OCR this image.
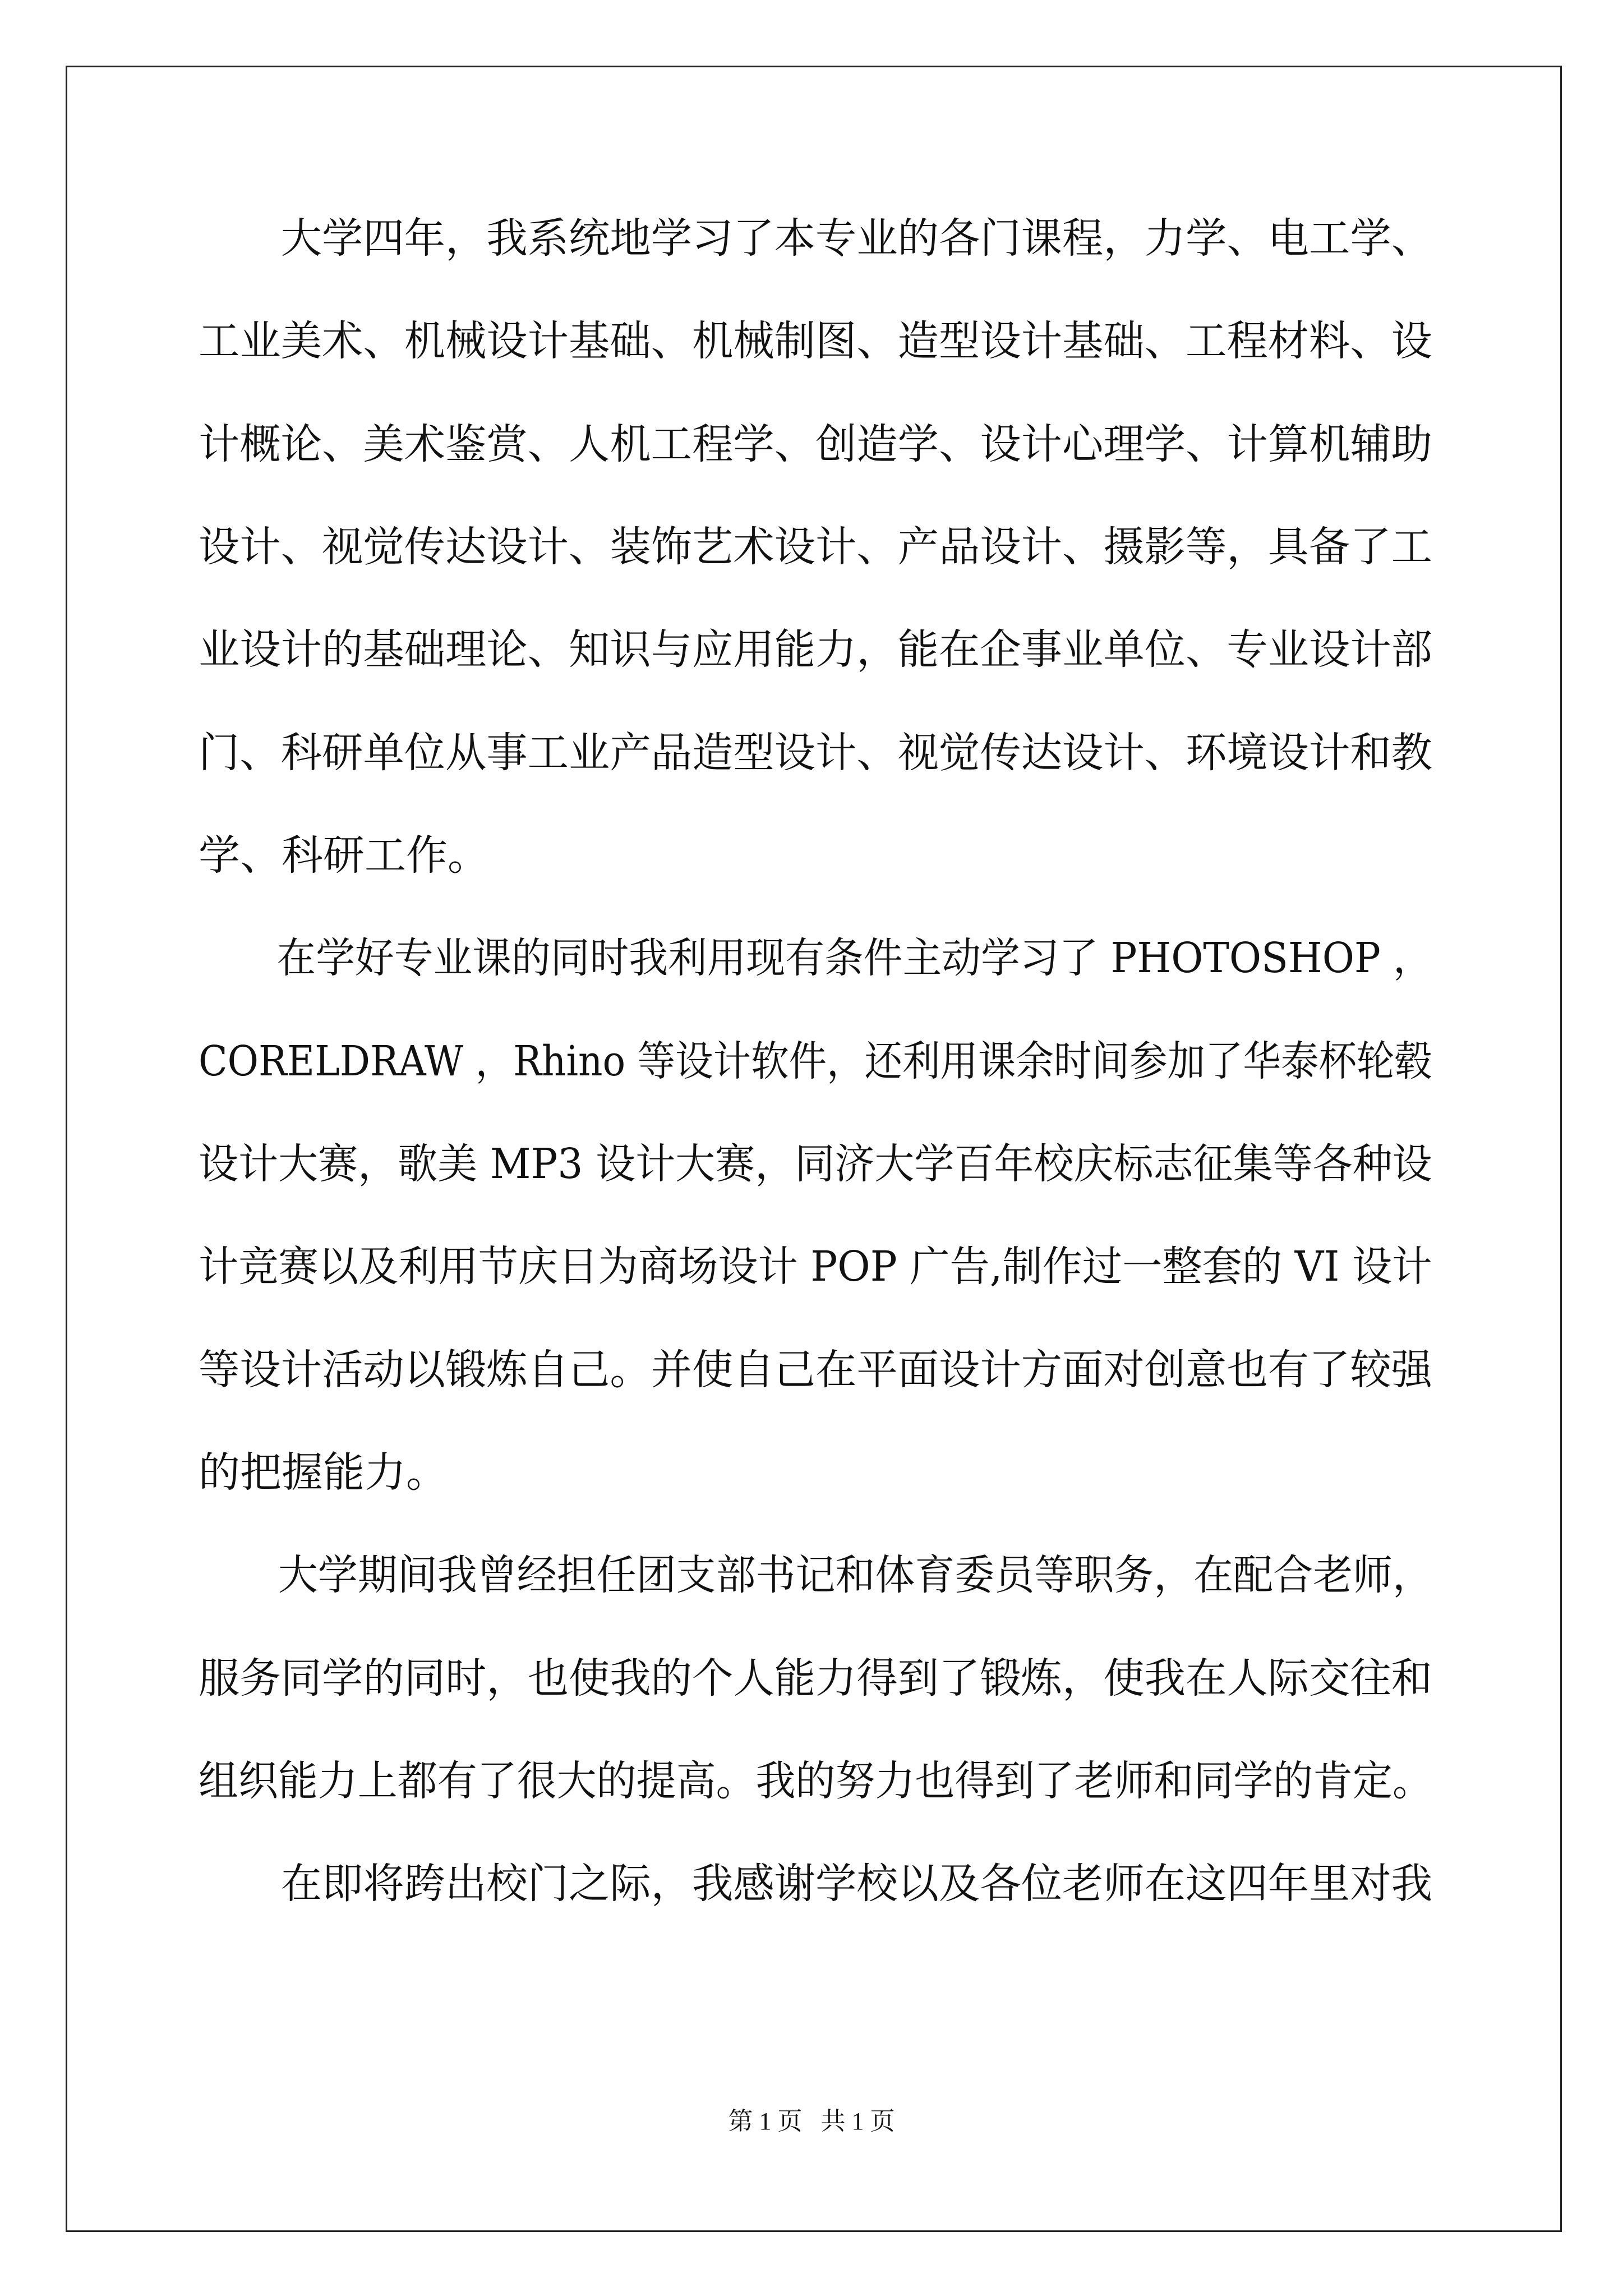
　　大学四年，我系统地学习了本专业的各门课程，力学、电工学、
工业美术、机械设计基础、机械制图、造型设计基础、工程材料、设
计概论、美术鉴赏、人机工程学、创造学、设计心理学、计算机辅助
设计、视觉传达设计、装饰艺术设计、产品设计、摄影等，具备了工
业设计的基础理论、知识与应用能力，能在企事业单位、专业设计部
门、科研单位从事工业产品造型设计、视觉传达设计、环境设计和教
学、科研工作。
　　在学好专业课的同时我利用现有条件主动学习了 PHOTOSHOP ，
CORELDRAW ，Rhino 等设计软件，还利用课余时间参加了华泰杯轮毂
设计大赛，歌美 MP3 设计大赛，同济大学百年校庆标志征集等各种设
计竞赛以及利用节庆日为商场设计 POP 广告,制作过一整套的 VI 设计
等设计活动以锻炼自己。并使自己在平面设计方面对创意也有了较强
的把握能力。
　　大学期间我曾经担任团支部书记和体育委员等职务，在配合老师，
服务同学的同时，也使我的个人能力得到了锻炼，使我在人际交往和
组织能力上都有了很大的提高。我的努力也得到了老师和同学的肯定。
　　在即将跨出校门之际，我感谢学校以及各位老师在这四年里对我
第 1 页   共 1 页
